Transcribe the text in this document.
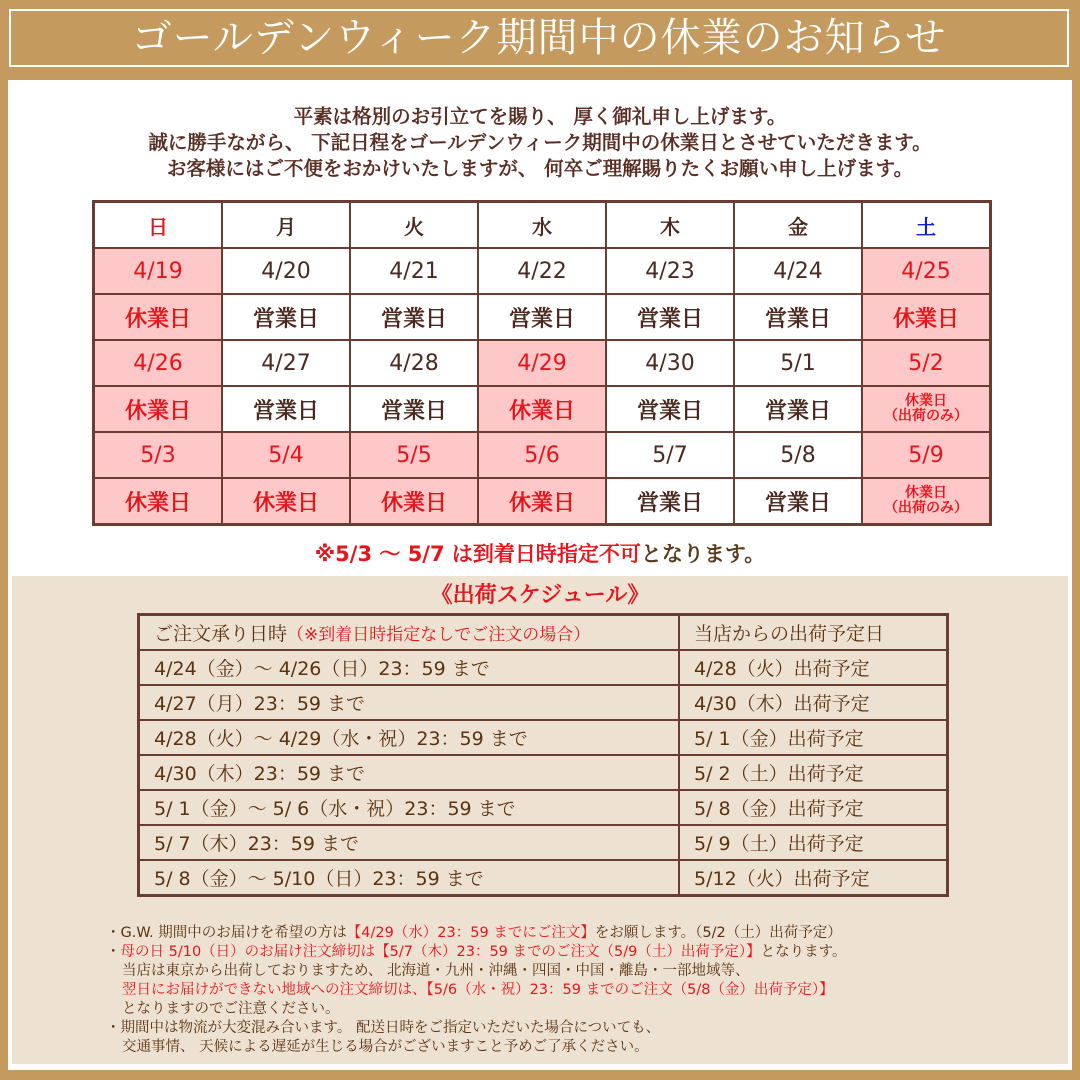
ゴールデンウィーク期間中の休業のお知らせ
平素は格別のお引立てを賜り、 厚く御礼申し上げます。
誠に勝手ながら、 下記日程をゴールデンウィーク期間中の休業日とさせていただきます。
お客様にはご不便をおかけいたしますが、 何卒ご理解賜りたくお願い申し上げます。
日	月	火	水	木	金	土
4/19	4/20	4/21	4/22	4/23	4/24	4/25
休業日	営業日	営業日	営業日	営業日	営業日	休業日
4/26	4/27	4/28	4/29	4/30	5/1	5/2
休業日	営業日	営業日	休業日	営業日	営業日	休業日
（出荷のみ）

5/3	5/4	5/5	5/6	5/7	5/8	5/9
休業日	休業日	休業日	休業日	営業日	営業日	休業日
（出荷のみ）
※5/3 ～ 5/7 は到着日時指定不可となります。
《出荷スケジュール》
ご注文承り日時（※到着日時指定なしでご注文の場合）	当店からの出荷予定日
4/24（金）～ 4/26（日）23：59 まで	4/28（火）出荷予定
4/27（月）23：59 まで	4/30（木）出荷予定
4/28（火）～ 4/29（水・祝）23：59 まで	5/ 1（金）出荷予定
4/30（木）23：59 まで	5/ 2（土）出荷予定
5/ 1（金）～ 5/ 6（水・祝）23：59 まで	5/ 8（金）出荷予定
5/ 7（木）23：59 まで	5/ 9（土）出荷予定
5/ 8（金）～ 5/10（日）23：59 まで	5/12（火）出荷予定
・G.W. 期間中のお届けを希望の方は【4/29（水）23：59 までにご注文】をお願します。（5/2（土）出荷予定）
・母の日 5/10（日）のお届け注文締切は【5/7（木）23：59 までのご注文（5/9（土）出荷予定）】となります。
当店は東京から出荷しておりますため、 北海道・九州・沖縄・四国・中国・離島・一部地域等、
翌日にお届けができない地域への注文締切は、【5/6（水・祝）23：59 までのご注文（5/8（金）出荷予定）】
となりますのでご注意ください。
・期間中は物流が大変混み合います。 配送日時をご指定いただいた場合についても、
交通事情、 天候による遅延が生じる場合がございますこと予めご了承ください。
